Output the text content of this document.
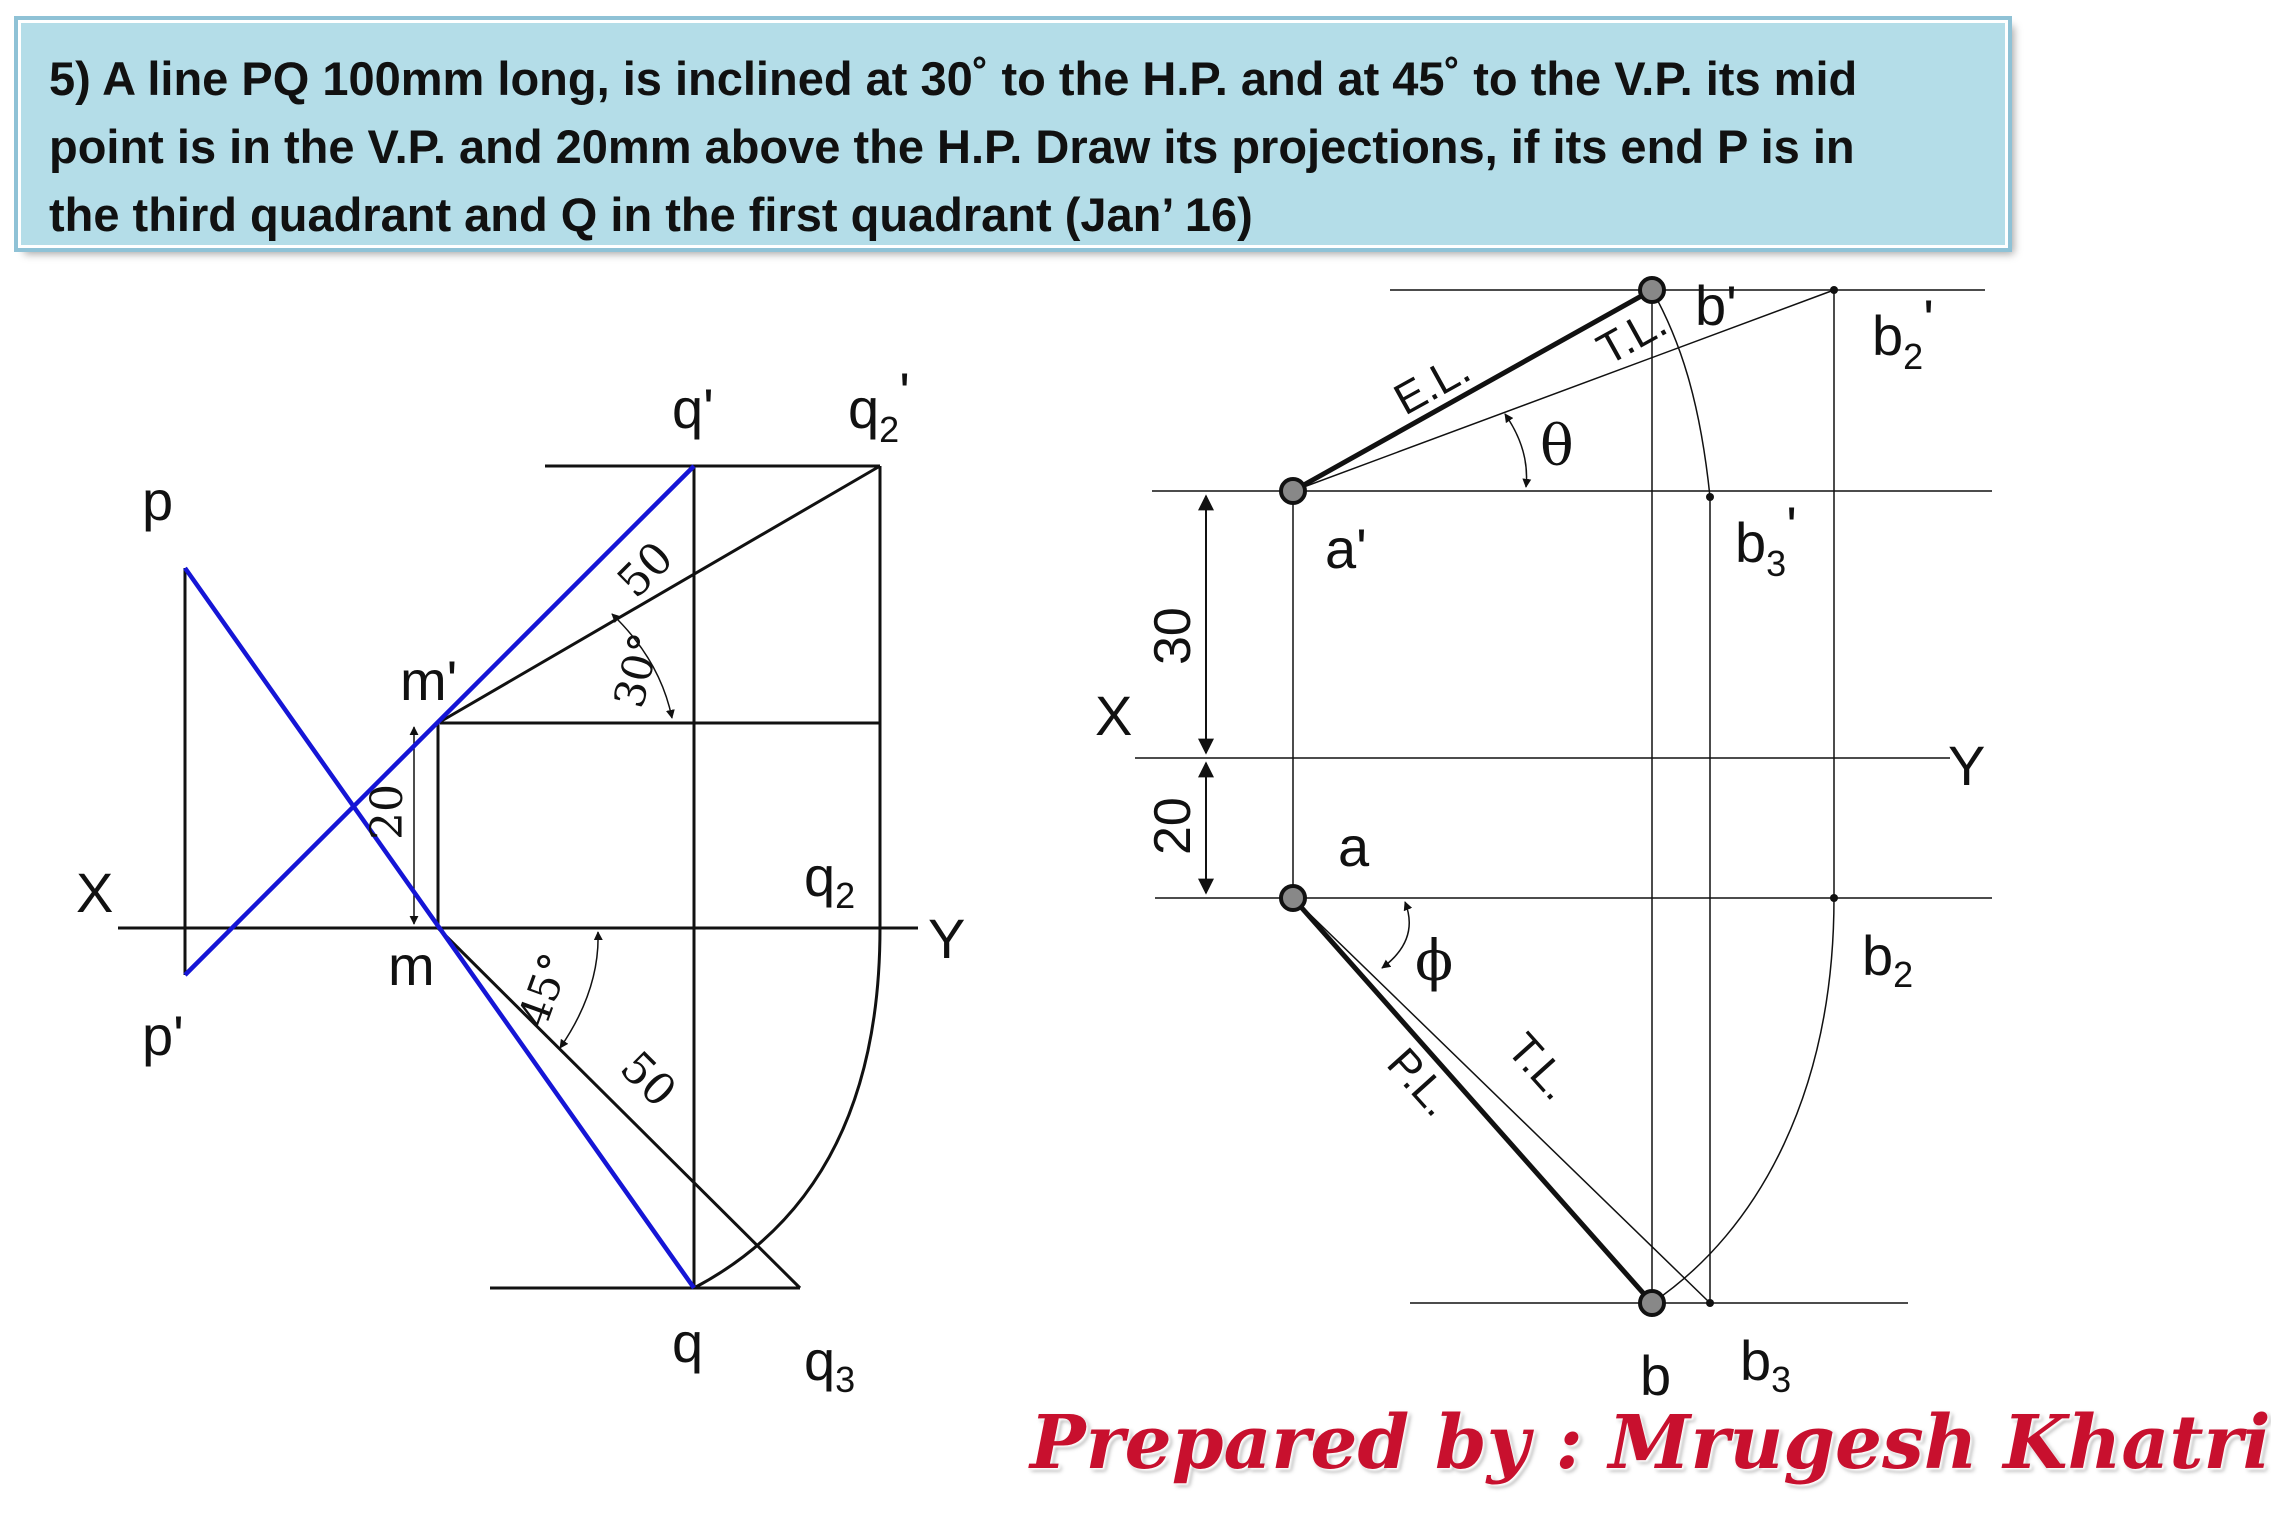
5) A line PQ 100mm long, is inclined at 30˚ to the H.P. and at 45˚ to the V.P. its mid

point is in the V.P. and 20mm above the H.P. Draw its projections, if its end P is in

the third quadrant and Q in the first quadrant (Jan’ 16)

p
p'
m'
m
q'
q
X
Y
$q_2'$
$q_2$
$q_3$
20
50
30°
45°
50
a'
b'
a
b
X
Y
$b_2'$
$b_3'$
$b_2$
$b_3$
E.L.
T.L.
P.L. T.L.
θ
ϕ
30
20
Prepared by : Mrugesh Khatri
